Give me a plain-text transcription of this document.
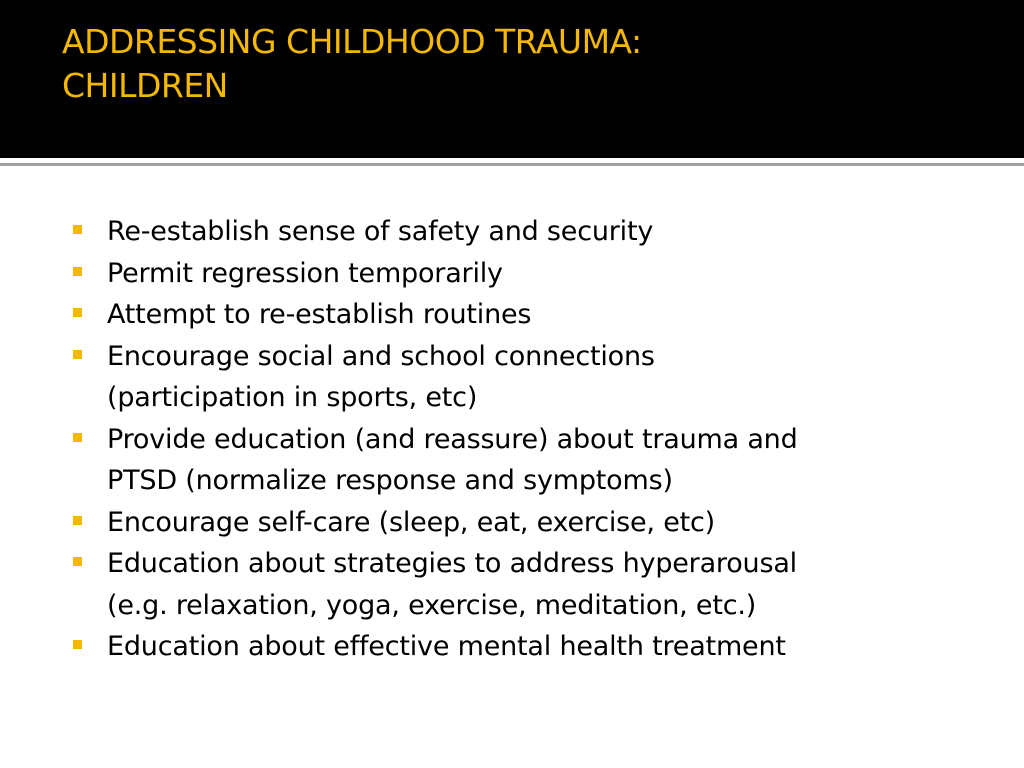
ADDRESSING CHILDHOOD TRAUMA:
CHILDREN
Re-establish sense of safety and security
Permit regression temporarily
Attempt to re-establish routines
Encourage social and school connections
(participation in sports, etc)
Provide education (and reassure) about trauma and
PTSD (normalize response and symptoms)
Encourage self-care (sleep, eat, exercise, etc)
Education about strategies to address hyperarousal
(e.g. relaxation, yoga, exercise, meditation, etc.)
Education about effective mental health treatment
